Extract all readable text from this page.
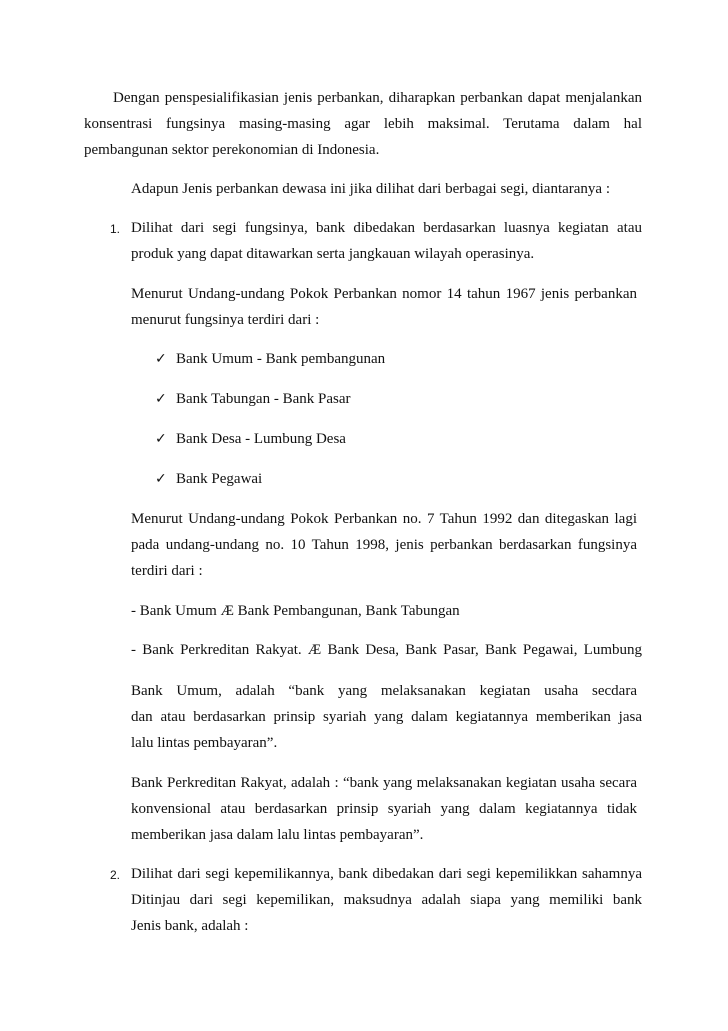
Dengan penspesialifikasian jenis perbankan, diharapkan perbankan dapat menjalankan
konsentrasi fungsinya masing-masing agar lebih maksimal. Terutama dalam hal
pembangunan sektor perekonomian di Indonesia.
Adapun Jenis perbankan dewasa ini jika dilihat dari berbagai segi, diantaranya :
1. Dilihat dari segi fungsinya, bank dibedakan berdasarkan luasnya kegiatan atau
produk yang dapat ditawarkan serta jangkauan wilayah operasinya.
Menurut Undang-undang Pokok Perbankan nomor 14 tahun 1967 jenis perbankan
menurut fungsinya terdiri dari :
✓ Bank Umum - Bank pembangunan
✓ Bank Tabungan - Bank Pasar
✓ Bank Desa - Lumbung Desa
✓ Bank Pegawai
Menurut Undang-undang Pokok Perbankan no. 7 Tahun 1992 dan ditegaskan lagi
pada undang-undang no. 10 Tahun 1998, jenis perbankan berdasarkan fungsinya
terdiri dari :
- Bank Umum Æ Bank Pembangunan, Bank Tabungan
- Bank Perkreditan Rakyat. Æ Bank Desa, Bank Pasar, Bank Pegawai, Lumbung
Bank Umum, adalah “bank yang melaksanakan kegiatan usaha secdara
dan atau berdasarkan prinsip syariah yang dalam kegiatannya memberikan jasa
lalu lintas pembayaran”.
Bank Perkreditan Rakyat, adalah : “bank yang melaksanakan kegiatan usaha secara
konvensional atau berdasarkan prinsip syariah yang dalam kegiatannya tidak
memberikan jasa dalam lalu lintas pembayaran”.
2. Dilihat dari segi kepemilikannya, bank dibedakan dari segi kepemilikkan sahamnya
Ditinjau dari segi kepemilikan, maksudnya adalah siapa yang memiliki bank
Jenis bank, adalah :
